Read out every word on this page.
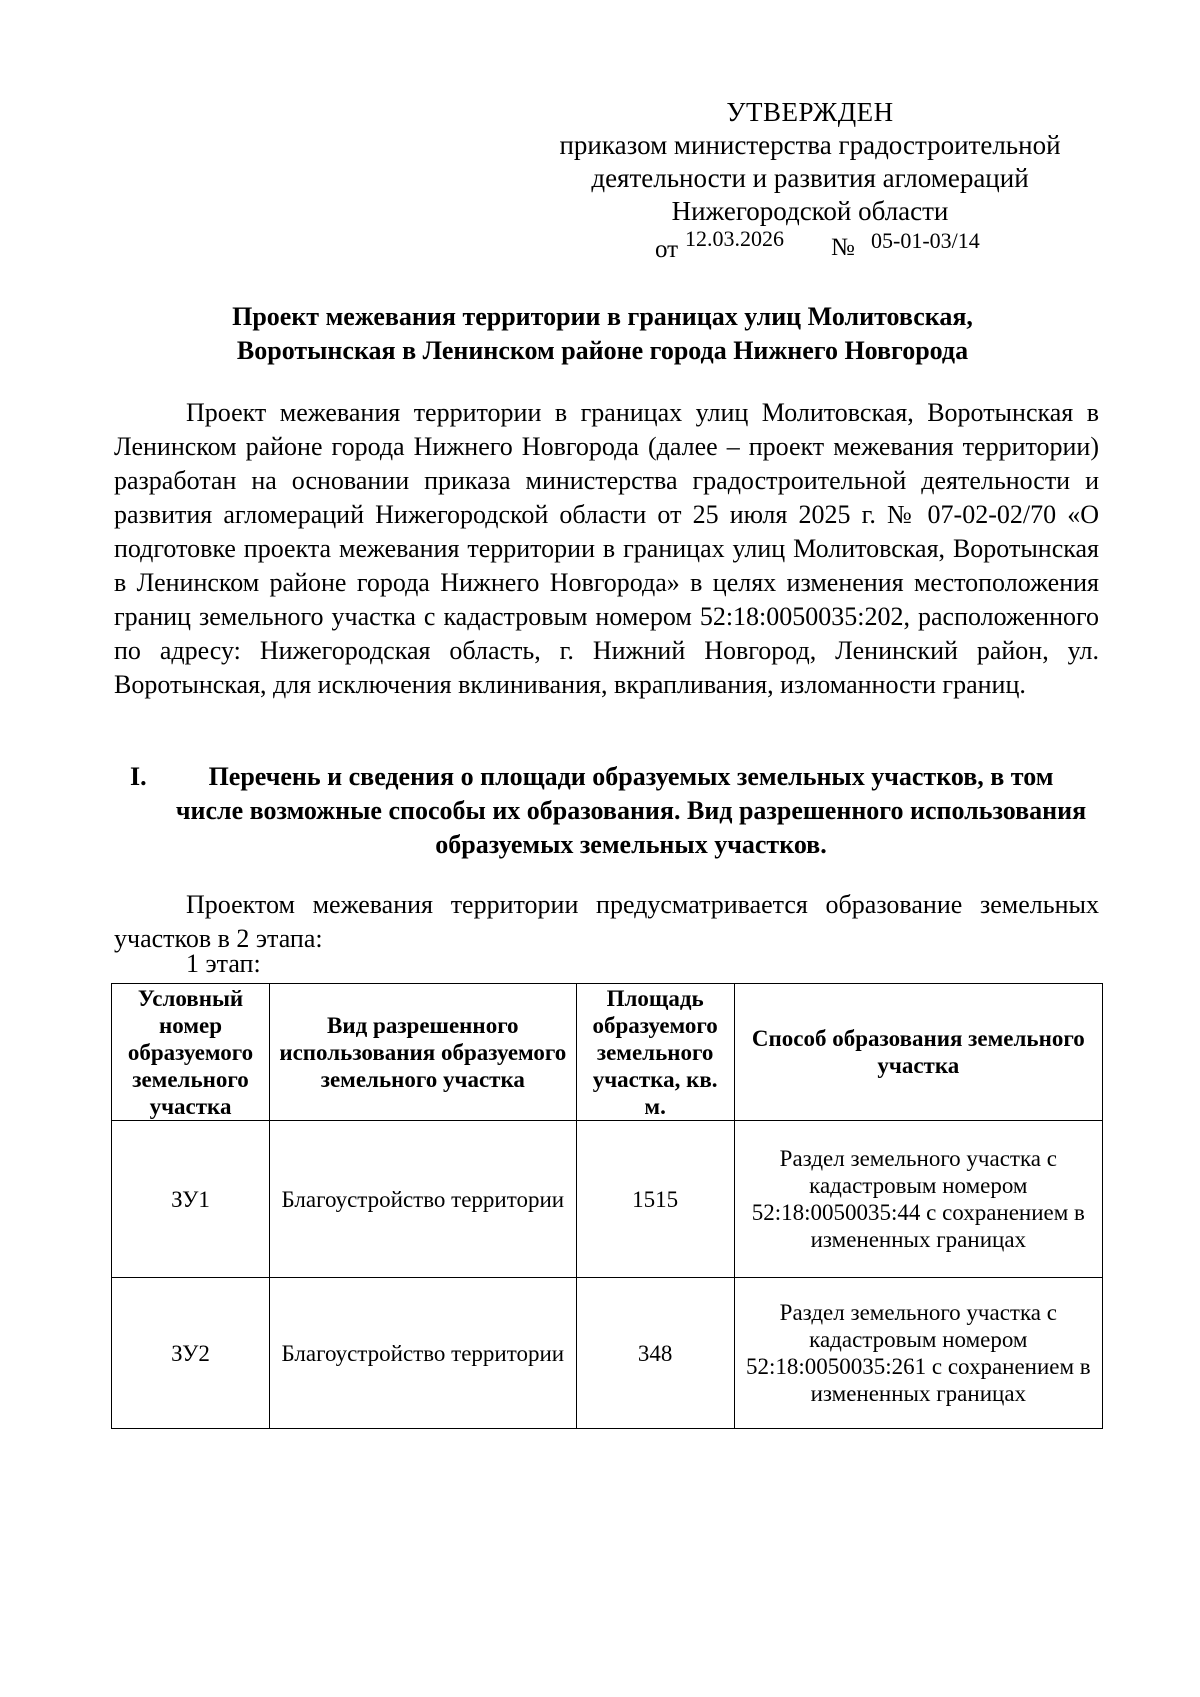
УТВЕРЖДЕН
приказом министерства градостроительной
деятельности и развития агломераций
Нижегородской области
от 12.03.2026 № 05-01-03/14
Проект межевания территории в границах улиц Молитовская,
Воротынская в Ленинском районе города Нижнего Новгорода

Проект межевания территории в границах улиц Молитовская, Воротынская в Ленинском районе города Нижнего Новгорода (далее – проект межевания территории) разработан на основании приказа министерства градостроительной деятельности и развития агломераций Нижегородской области от 25 июля 2025 г. № 07-02-02/70 «О подготовке проекта межевания территории в границах улиц Молитовская, Воротынская в Ленинском районе города Нижнего Новгорода» в целях изменения местоположения границ земельного участка с кадастровым номером 52:18:0050035:202, расположенного по адресу: Нижегородская область, г. Нижний Новгород, Ленинский район, ул. Воротынская, для исключения вклинивания, вкрапливания, изломанности границ.

I.	Перечень и сведения о площади образуемых земельных участков, в том числе возможные способы их образования. Вид разрешенного использования образуемых земельных участков.

Проектом межевания территории предусматривается образование земельных участков в 2 этапа:

1 этап:
Условный номер образуемого земельного участка	Вид разрешенного использования образуемого земельного участка	Площадь образуемого земельного участка, кв. м.	Способ образования земельного участка
ЗУ1	Благоустройство территории	1515	Раздел земельного участка с кадастровым номером 52:18:0050035:44 с сохранением в измененных границах
ЗУ2	Благоустройство территории	348	Раздел земельного участка с кадастровым номером 52:18:0050035:261 с сохранением в измененных границах
